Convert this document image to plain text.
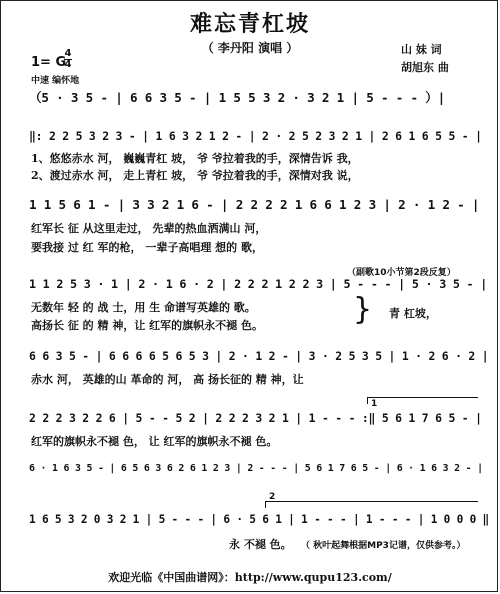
难忘青杠坡
（ 李丹阳 演唱 ）	山 妹 词
胡旭东 曲
1= G
4
4
中速 编怀地
（5 · 3 5 - | 6 6 3 5 - | 1 5 5 3 2 · 3 2 1 | 5 - - - ）|
‖: 2 2 5 3 2 3 - | 1 6 3 2 1 2 - | 2 · 2 5 2 3 2 1 | 2 6 1 6 5 5 - |
1、悠悠赤水 河， 巍巍青杠 坡， 爷 爷拉着我的手，深情告诉 我，
2、渡过赤水 河， 走上青杠 坡， 爷 爷拉着我的手，深情对我 说，
1 1 5 6 1 - | 3 3 2 1 6 - | 2 2 2 2 1 6 6 1 2 3 | 2 · 1 2 - |
红军长 征 从这里走过， 先辈的热血洒满山 河，
要我接 过 红 军的枪， 一辈子高唱理 想的 歌，
（副歌10小节第2段反复）
1 1 2 5 3 · 1 | 2 · 1 6 · 2 | 2 2 2 1 2 2 3 | 5 - - - | 5 · 3 5 - |
无数年 轻 的 战 士，用 生 命谱写英雄的 歌。
高扬长 征 的 精 神，让 红军的旗帜永不褪 色。	} 青 杠坡，
6 6 3 5 - | 6 6 6 6 5 6 5 3 | 2 · 1 2 - | 3 · 2 5 3 5 | 1 · 2 6 · 2 |
赤水 河， 英雄的山 革命的 河， 高 扬长征的 精 神，让
1
2 2 2 3 2 2 6 | 5 - - 5 2 | 2 2 2 3 2 1 | 1 - - - :‖ 5 6 1 7 6 5 - |
红军的旗帜永不褪 色， 让 红军的旗帜永不褪 色。
6 · 1 6 3 5 - | 6 5 6 3 6 2 6 1 2 3 | 2 - - - | 5 6 1 7 6 5 - | 6 · 1 6 3 2 - |
2
1 6 5 3 2 0 3 2 1 | 5 - - - | 6 · 5 6 1 | 1 - - - | 1 - - - | 1 0 0 0 ‖
永 不褪 色。 （ 秋叶起舞根据MP3记谱，仅供参考。）
欢迎光临《中国曲谱网》：http://www.qupu123.com/
